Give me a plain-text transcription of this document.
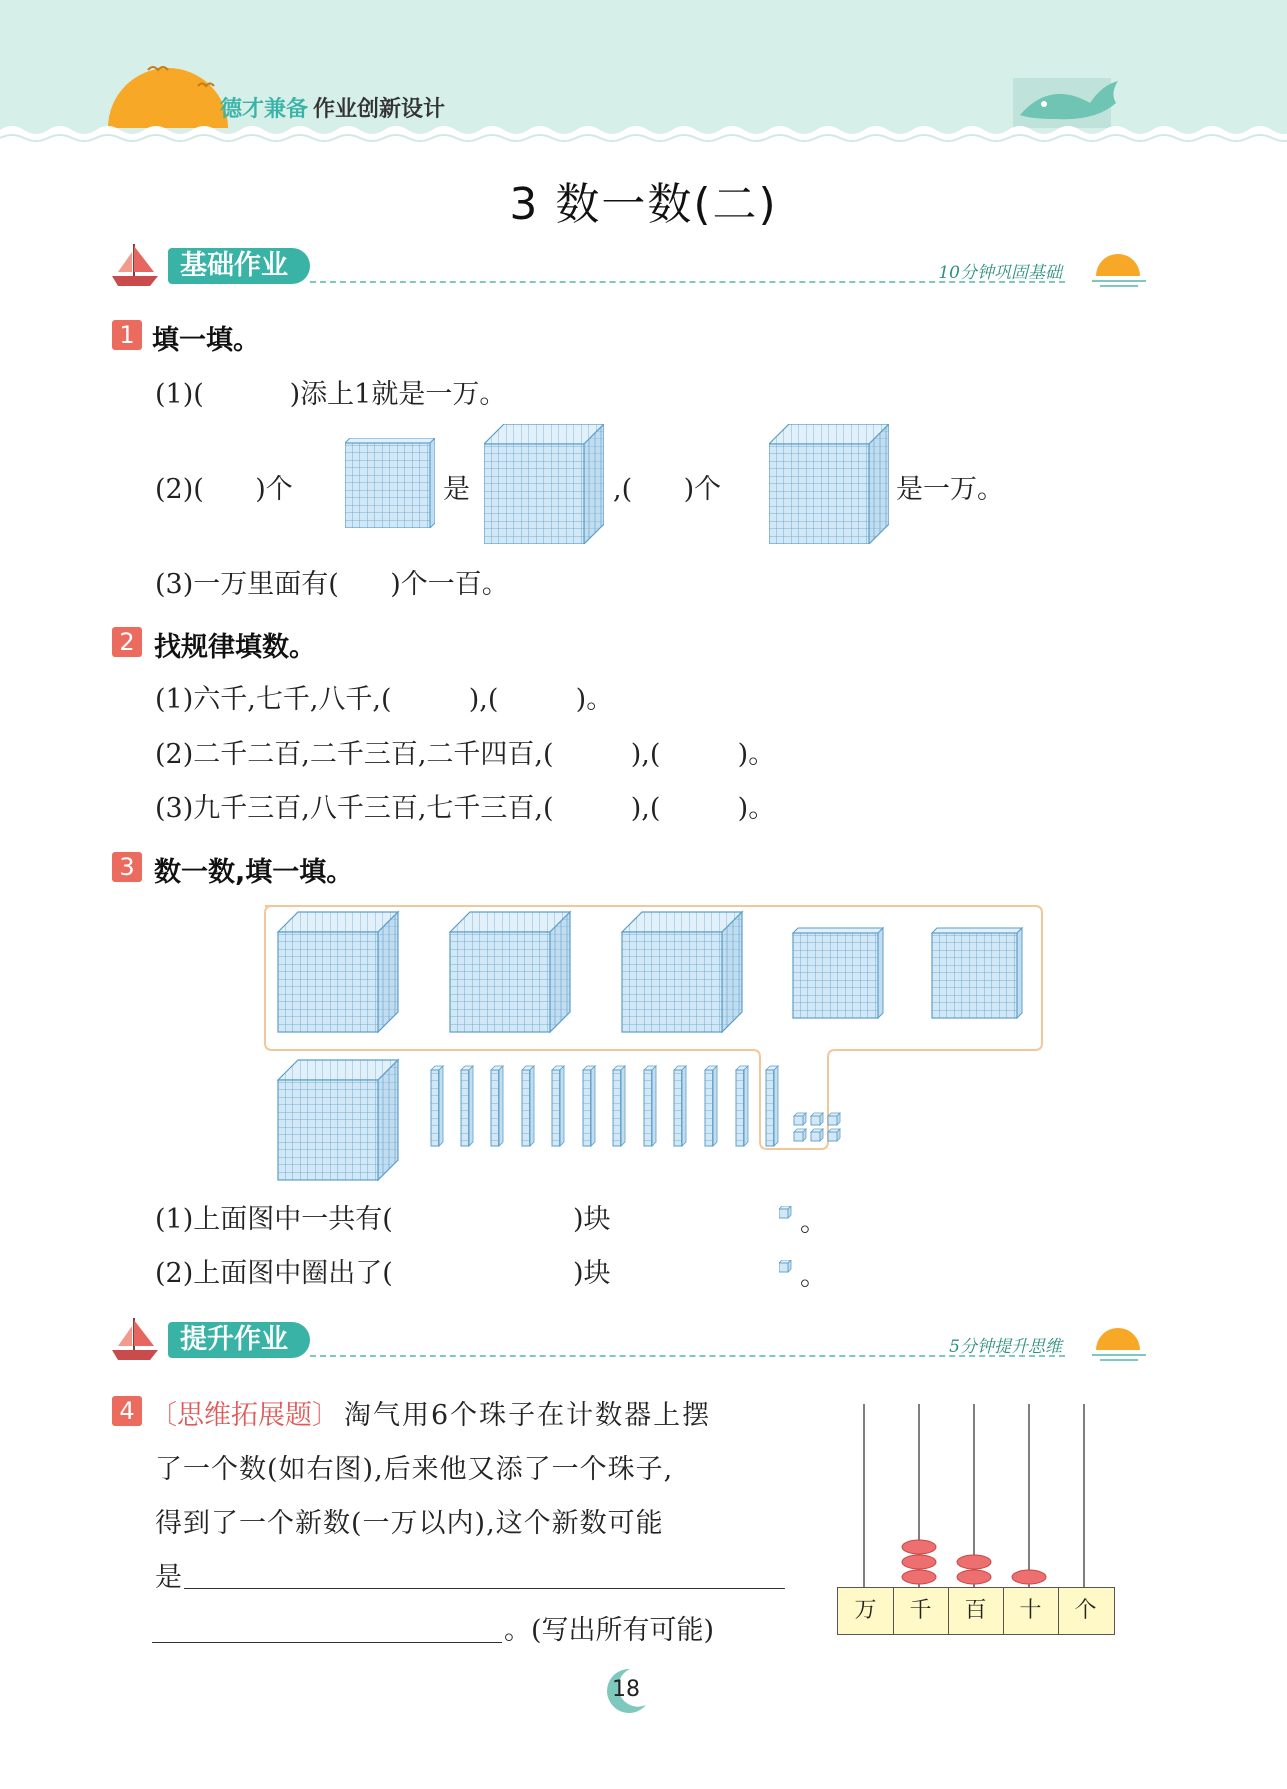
德才兼备 作业创新设计
3 数一数(二)
基础作业	10分钟巩固基础
1 填一填。
(1)(          )添上1就是一万。
(2)(      )个	是	,(      )个	是一万。
(3)一万里面有(      )个一百。
2 找规律填数。
(1)六千,七千,八千,(         ),(         )。
(2)二千二百,二千三百,二千四百,(         ),(         )。
(3)九千三百,八千三百,七千三百,(         ),(         )。
3 数一数,填一填。
(1)上面图中一共有(                     )块	。
(2)上面图中圈出了(                     )块	。
提升作业	5分钟提升思维
4 〔思维拓展题〕 淘气用6个珠子在计数器上摆
了一个数(如右图),后来他又添了一个珠子,
得到了一个新数(一万以内),这个新数可能
是
。(写出所有可能)
万	千	百	十	个
18
